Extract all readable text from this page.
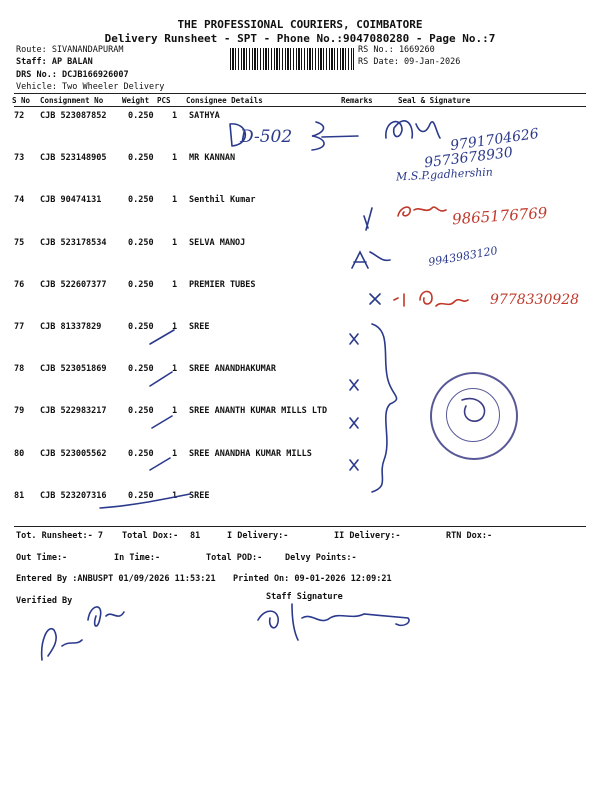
THE PROFESSIONAL COURIERS, COIMBATORE
Delivery Runsheet - SPT - Phone No.:9047080280 - Page No.:7
Route: SIVANANDAPURAM
Staff: AP BALAN
DRS No.: DCJB166926007
Vehicle: Two Wheeler Delivery
RS No.: 1669260
RS Date: 09-Jan-2026
S No Consignment No	Weight PCS Consignee Details	Remarks	Seal & Signature
72 CJB 523087852	0.250 1 SATHYA
73 CJB 523148905	0.250 1 MR KANNAN
74 CJB 90474131	0.250 1 Senthil Kumar
75 CJB 523178534	0.250 1 SELVA MANOJ
76 CJB 522607377	0.250 1 PREMIER TUBES
77 CJB 81337829	0.250 1 SREE
78 CJB 523051869	0.250 1 SREE ANANDHAKUMAR
79 CJB 522983217	0.250 1 SREE ANANTH KUMAR MILLS LTD
80 CJB 523005562	0.250 1 SREE ANANDHA KUMAR MILLS
81 CJB 523207316	0.250 1 SREE
D-502	9791704626
9573678930
M.S.P.gadhershin
9865176769
9943983120
9778330928
Tot. Runsheet:- 7 Total Dox:- 81	I Delivery:-	II Delivery:-	RTN Dox:-
Out Time:-	In Time:-	Total POD:-	Delvy Points:-
Entered By :ANBUSPT 01/09/2026 11:53:21 Printed On: 09-01-2026 12:09:21
Verified By	Staff Signature
